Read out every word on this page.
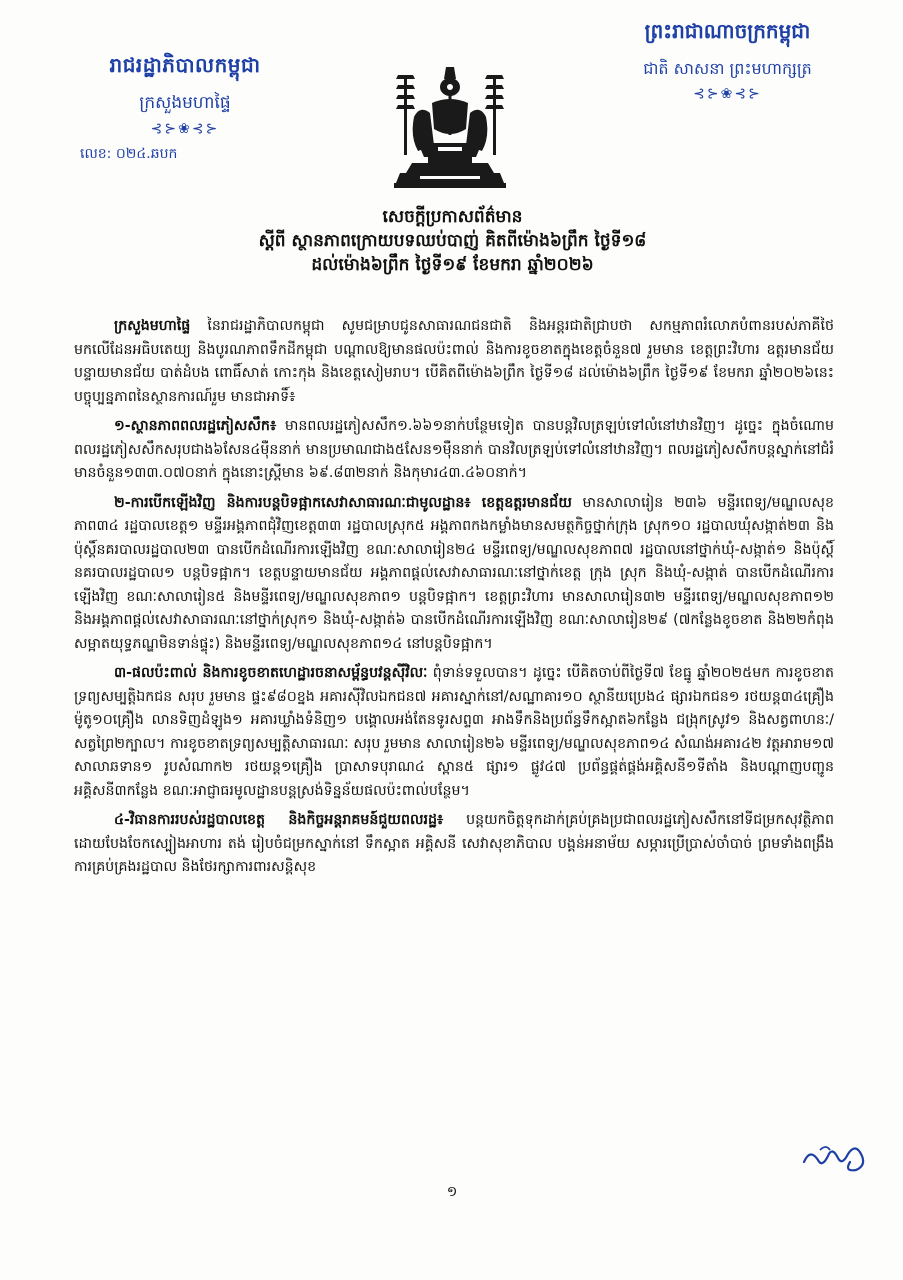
រាជរដ្ឋាភិបាលកម្ពុជា
ក្រសួងមហាផ្ទៃ
⊰⊱❀⊰⊱
លេខ: ០២៤.ឆបក
ព្រះរាជាណាចក្រកម្ពុជា
ជាតិ សាសនា ព្រះមហាក្សត្រ
⊰⊱❀⊰⊱
សេចក្តីប្រកាសព័ត៌មាន
ស្តីពី ស្ថានភាពក្រោយបទឈប់បាញ់ គិតពីម៉ោង៦ព្រឹក ថ្ងៃទី១៨
ដល់ម៉ោង៦ព្រឹក ថ្ងៃទី១៩ ខែមករា ឆ្នាំ២០២៦

ក្រសួងមហាផ្ទៃ នៃរាជរដ្ឋាភិបាលកម្ពុជា សូមជម្រាបជូនសាធារណជនជាតិ និងអន្តរជាតិជ្រាបថា សកម្មភាពរំលោភបំពានរបស់ភាគីថៃ មកលើដែនអធិបតេយ្យ និងបូរណភាពទឹកដីកម្ពុជា បណ្តាលឱ្យមានផលប៉ះពាល់ និងការខូចខាតក្នុងខេត្តចំនួន៧ រួមមាន ខេត្តព្រះវិហារ ឧត្តរមានជ័យ បន្ទាយមានជ័យ បាត់ដំបង ពោធិ៍សាត់ កោះកុង និងខេត្តសៀមរាប។ បើគិតពីម៉ោង៦ព្រឹក ថ្ងៃទី១៨ ដល់ម៉ោង៦ព្រឹក ថ្ងៃទី១៩ ខែមករា ឆ្នាំ២០២៦នេះ បច្ចុប្បន្នភាពនៃស្ថានការណ៍រួម មានជាអាទិ៍៖

១-ស្ថានភាពពលរដ្ឋភៀសសឹក៖ មានពលរដ្ឋភៀសសឹក១.៦៦១នាក់បន្ថែមទៀត បានបន្តវិលត្រឡប់ទៅលំនៅឋានវិញ។ ដូច្នេះ ក្នុងចំណោមពលរដ្ឋភៀសសឹកសរុបជាង៦សែន៤ម៉ឺននាក់ មានប្រមាណជាង៥សែន១ម៉ឺននាក់ បានវិលត្រឡប់ទៅលំនៅឋានវិញ។ ពលរដ្ឋភៀសសឹកបន្តស្នាក់នៅជំរំមានចំនួន១៣៣.០៧០នាក់ ក្នុងនោះស្ត្រីមាន ៦៩.៨៣២នាក់ និងកុមារ៤៣.៤៦០នាក់។

២-ការបើកឡើងវិញ និងការបន្តបិទផ្អាកសេវាសាធារណៈជាមូលដ្ឋាន៖ ខេត្តឧត្តរមានជ័យ មានសាលារៀន ២៣៦ មន្ទីរពេទ្យ/មណ្ឌលសុខភាព៣៤ រដ្ឋបាលខេត្ត១ មន្ទីរអង្គភាពជុំវិញខេត្ត៣៣ រដ្ឋបាលស្រុក៥ អង្គភាពកងកម្លាំងមានសមត្ថកិច្ចថ្នាក់ក្រុង ស្រុក១០ រដ្ឋបាលឃុំសង្កាត់២៣ និងប៉ុស្តិ៍នគរបាលរដ្ឋបាល២៣ បានបើកដំណើរការឡើងវិញ ខណៈសាលារៀន២៤ មន្ទីរពេទ្យ/មណ្ឌលសុខភាព៧ រដ្ឋបាលនៅថ្នាក់ឃុំ-សង្កាត់១ និងប៉ុស្តិ៍នគរបាលរដ្ឋបាល១ បន្តបិទផ្អាក។ ខេត្តបន្ទាយមានជ័យ អង្គភាពផ្តល់សេវាសាធារណៈនៅថ្នាក់ខេត្ត ក្រុង ស្រុក និងឃុំ-សង្កាត់ បានបើកដំណើរការឡើងវិញ ខណៈសាលារៀន៥ និងមន្ទីរពេទ្យ/មណ្ឌលសុខភាព១ បន្តបិទផ្អាក។ ខេត្តព្រះវិហារ មានសាលារៀន៣២ មន្ទីរពេទ្យ/មណ្ឌលសុខភាព១២ និងអង្គភាពផ្តល់សេវាសាធារណៈនៅថ្នាក់ស្រុក១ និងឃុំ-សង្កាត់៦ បានបើកដំណើរការឡើងវិញ ខណៈសាលារៀន២៩ (៧កន្លែងខូចខាត និង២២កំពុងសម្អាតយុទ្ធភណ្ឌមិនទាន់ផ្ទុះ) និងមន្ទីរពេទ្យ/មណ្ឌលសុខភាព១៤ នៅបន្តបិទផ្អាក។

៣-ផលប៉ះពាល់ និងការខូចខាតហេដ្ឋារចនាសម្ព័ន្ធបវន្តស៊ីវិលៈ ពុំទាន់ទទួលបាន។ ដូច្នេះ បើគិតចាប់ពីថ្ងៃទី៧ ខែធ្នូ ឆ្នាំ២០២៥មក ការខូចខាតទ្រព្យសម្បត្តិឯកជន សរុប រួមមាន ផ្ទះ៩៨០ខ្នង អគារស៊ីវិលឯកជន៧ អគារស្នាក់នៅ/សណ្ឋាគារ១០ ស្ថានីយប្រេង៤ ផ្សារឯកជន១ រថយន្ត៣៤គ្រឿង ម៉ូតូ១០គ្រឿង លានទិញដំឡូង១ អគារឃ្លាំងទំនិញ១ បង្គោលអង់តែនទូរសព្ទ៣ អាងទឹកនិងប្រព័ន្ធទឹកស្អាត៦កន្លែង ជង្រុកស្រូវ១ និងសត្វពាហនៈ/សត្វព្រៃ២ក្បាល។ ការខូចខាតទ្រព្យសម្បត្តិសាធារណៈ សរុប រួមមាន សាលារៀន២៦ មន្ទីរពេទ្យ/មណ្ឌលសុខភាព១៤ សំណង់អគារ៤២ វត្តអារាម១៧ សាលាឆទាន១ រូបសំណាក២ រថយន្ត១គ្រឿង ប្រាសាទបុរាណ៤ ស្ពាន៥ ផ្សារ១ ផ្លូវ៤៧ ប្រព័ន្ធផ្គត់ផ្គង់អគ្គិសនី១ទីតាំង និងបណ្តាញបញ្ជូនអគ្គិសនី៣កន្លែង ខណៈអាជ្ញាធរមូលដ្ឋានបន្តស្រង់ទិន្នន័យផលប៉ះពាល់បន្ថែម។

៤-វិធានការរបស់រដ្ឋបាលខេត្ត និងកិច្ចអន្តរាគមន៍ជួយពលរដ្ឋ៖ បន្តយកចិត្តទុកដាក់គ្រប់គ្រងប្រជាពលរដ្ឋភៀសសឹកនៅទីជម្រកសុវត្ថិភាព ដោយបែងចែកស្បៀងអាហារ តង់ រៀបចំជម្រកស្នាក់នៅ ទឹកស្អាត អគ្គិសនី សេវាសុខាភិបាល បង្គន់អនាម័យ សម្ភារប្រើប្រាស់ចាំបាច់ ព្រមទាំងពង្រឹងការគ្រប់គ្រងរដ្ឋបាល និងថែរក្សាការពារសន្តិសុខ

១
